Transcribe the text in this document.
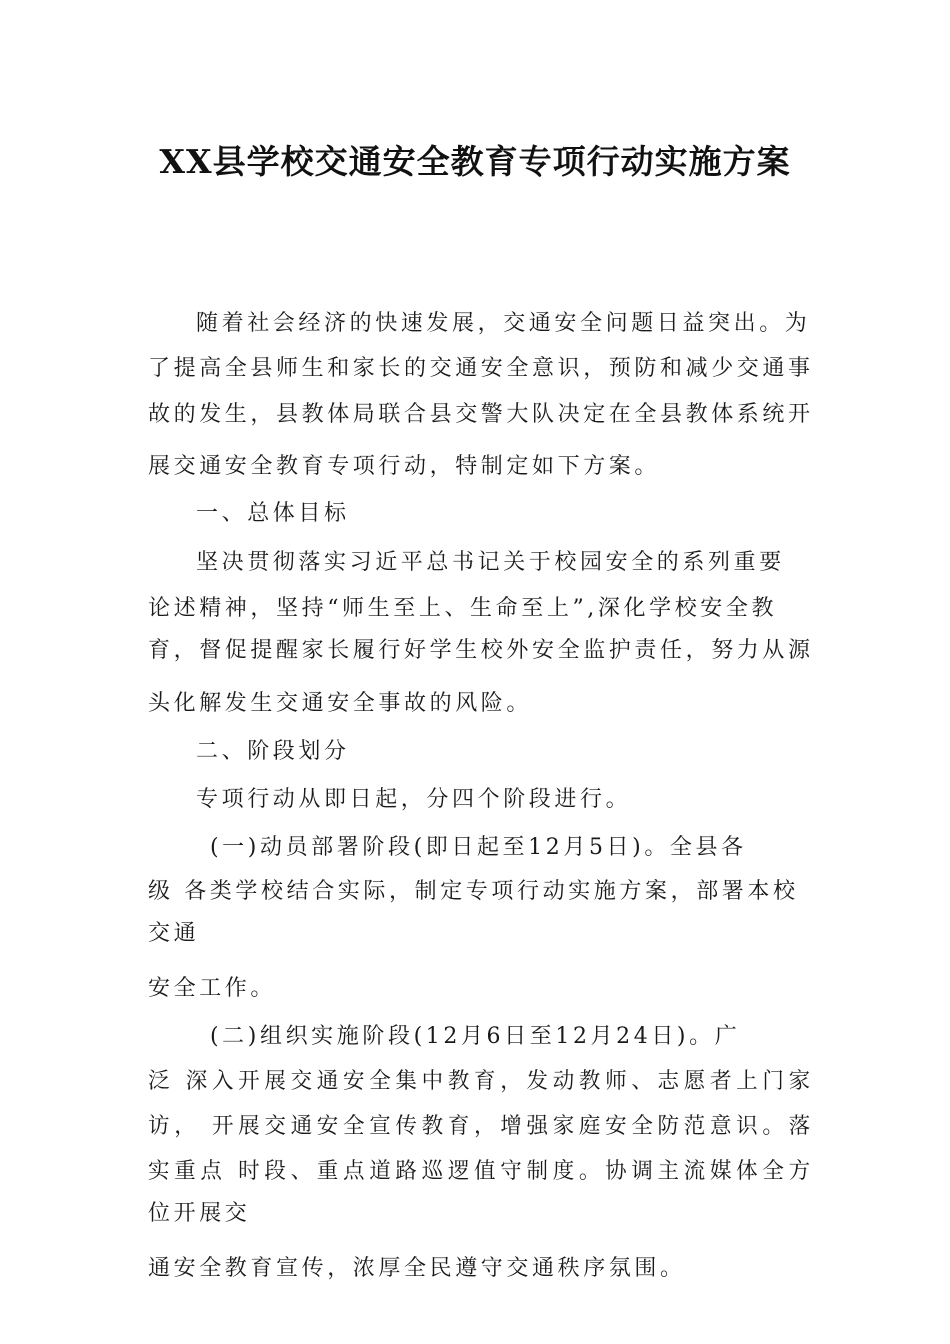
XX县学校交通安全教育专项行动实施方案
随着社会经济的快速发展，交通安全问题日益突出。为
了提高全县师生和家长的交通安全意识，预防和减少交通事
故的发生，县教体局联合县交警大队决定在全县教体系统开
展交通安全教育专项行动，特制定如下方案。
一、总体目标
坚决贯彻落实习近平总书记关于校园安全的系列重要
论述精神，坚持“师生至上、生命至上”,深化学校安全教
育，督促提醒家长履行好学生校外安全监护责任，努力从源
头化解发生交通安全事故的风险。
二、阶段划分
专项行动从即日起，分四个阶段进行。
(一)动员部署阶段(即日起至12月5日)。全县各
级 各类学校结合实际，制定专项行动实施方案，部署本校
交通
安全工作。
(二)组织实施阶段(12月6日至12月24日)。广
泛 深入开展交通安全集中教育，发动教师、志愿者上门家
访， 开展交通安全宣传教育，增强家庭安全防范意识。落
实重点 时段、重点道路巡逻值守制度。协调主流媒体全方
位开展交
通安全教育宣传，浓厚全民遵守交通秩序氛围。
